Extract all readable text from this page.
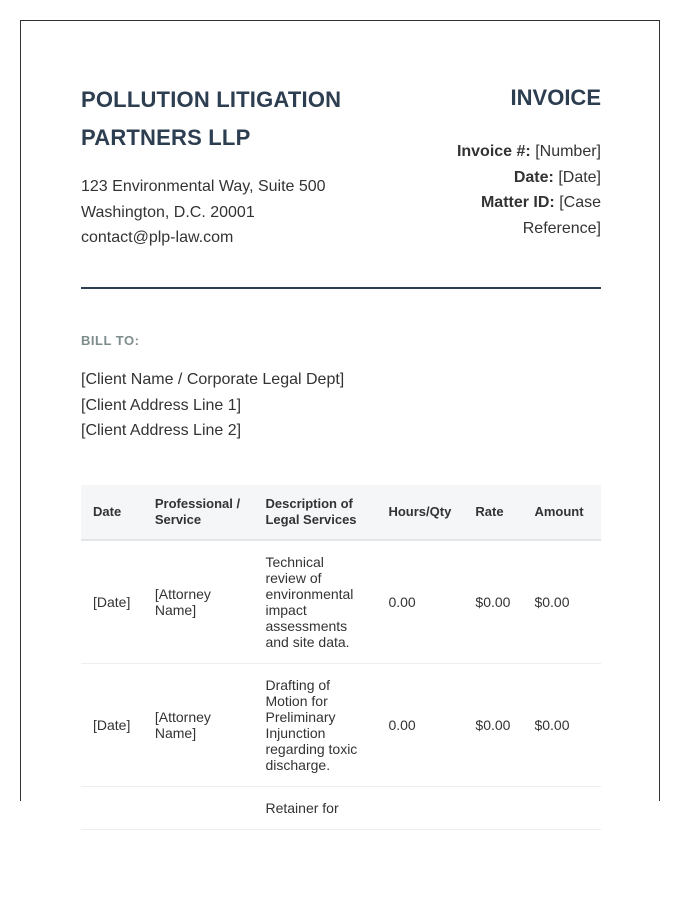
POLLUTION LITIGATION PARTNERS LLP
123 Environmental Way, Suite 500
Washington, D.C. 20001
contact@plp-law.com
INVOICE
Invoice #: [Number]
Date: [Date]
Matter ID: [Case Reference]
BILL TO:
[Client Name / Corporate Legal Dept]
[Client Address Line 1]
[Client Address Line 2]
Date	Professional / Service	Description of Legal Services	Hours/Qty	Rate	Amount
[Date]	[Attorney Name]	Technical review of environmental impact assessments and site data.	0.00	$0.00	$0.00
[Date]	[Attorney Name]	Drafting of Motion for Preliminary Injunction regarding toxic discharge.	0.00	$0.00	$0.00
		Retainer for			
